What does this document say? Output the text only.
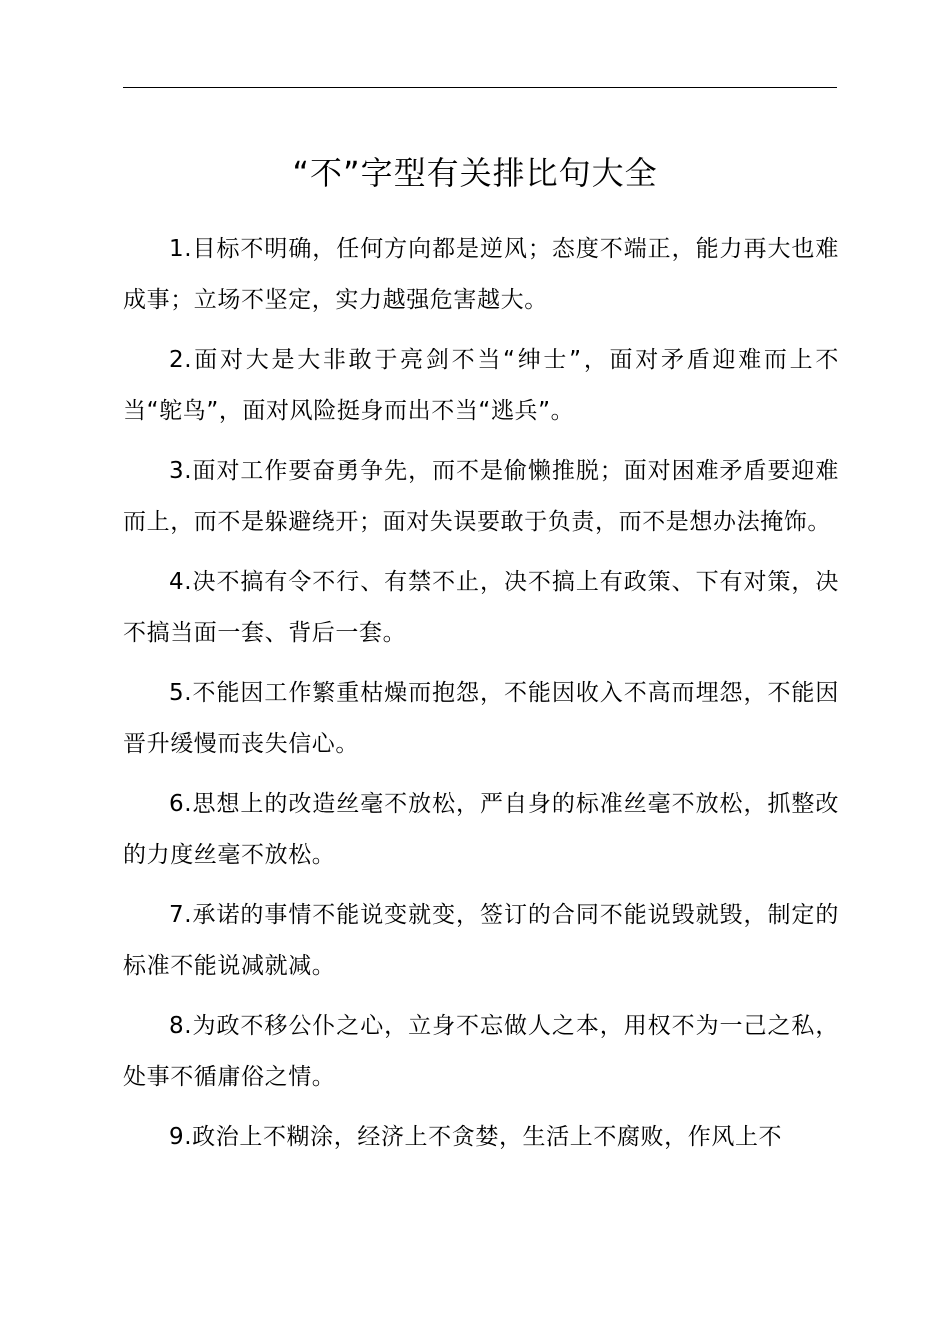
“不”字型有关排比句大全

1.目标不明确，任何方向都是逆风；态度不端正，能力再大也难成事；立场不坚定，实力越强危害越大。

2.面对大是大非敢于亮剑不当“绅士”，面对矛盾迎难而上不当“鸵鸟”，面对风险挺身而出不当“逃兵”。

3.面对工作要奋勇争先，而不是偷懒推脱；面对困难矛盾要迎难而上，而不是躲避绕开；面对失误要敢于负责，而不是想办法掩饰。

4.决不搞有令不行、有禁不止，决不搞上有政策、下有对策，决不搞当面一套、背后一套。

5.不能因工作繁重枯燥而抱怨，不能因收入不高而埋怨，不能因晋升缓慢而丧失信心。

6.思想上的改造丝毫不放松，严自身的标准丝毫不放松，抓整改的力度丝毫不放松。

7.承诺的事情不能说变就变，签订的合同不能说毁就毁，制定的标准不能说减就减。

8.为政不移公仆之心，立身不忘做人之本，用权不为一己之私，处事不循庸俗之情。

9.政治上不糊涂，经济上不贪婪，生活上不腐败，作风上不
